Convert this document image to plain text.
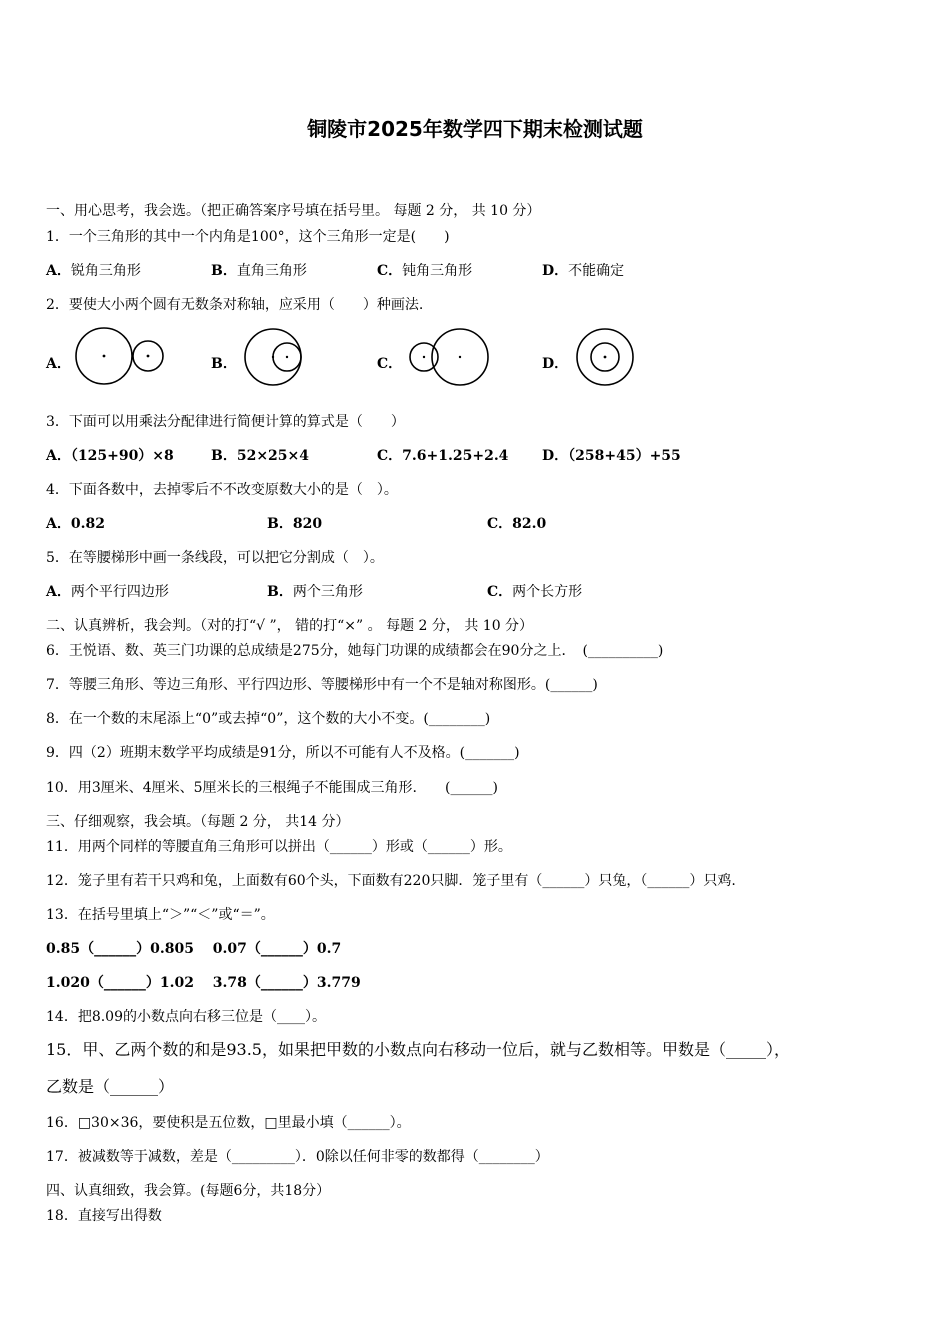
铜陵市2025年数学四下期末检测试题
一、用心思考，我会选。（把正确答案序号填在括号里。 每题 2 分， 共 10 分）
1．一个三角形的其中一个内角是100°，这个三角形一定是(　　)
A．锐角三角形	B．直角三角形	C．钝角三角形	D．不能确定
2．要使大小两个圆有无数条对称轴，应采用（　　）种画法.
A．	B．	C．	D．
3．下面可以用乘法分配律进行简便计算的算式是（　　）
A．（125+90）×8	B．52×25×4	C．7.6+1.25+2.4 D．（258+45）+55
4．下面各数中，去掉零后不不改变原数大小的是（　）。
A．0.82	B．820	C．82.0
5．在等腰梯形中画一条线段，可以把它分割成（　）。
A．两个平行四边形	B．两个三角形	C．两个长方形
二、认真辨析，我会判。（对的打“√ ”， 错的打“×” 。 每题 2 分， 共 10 分）
6．王悦语、数、英三门功课的总成绩是275分，她每门功课的成绩都会在90分之上．　(__________)
7．等腰三角形、等边三角形、平行四边形、等腰梯形中有一个不是轴对称图形。(______)
8．在一个数的末尾添上“0”或去掉“0”，这个数的大小不变。(________)
9．四（2）班期末数学平均成绩是91分，所以不可能有人不及格。(_______)
10．用3厘米、4厘米、5厘米长的三根绳子不能围成三角形.　　(______)
三、仔细观察，我会填。（每题 2 分， 共14 分）
11．用两个同样的等腰直角三角形可以拼出（______）形或（______）形。
12．笼子里有若干只鸡和兔，上面数有60个头，下面数有220只脚．笼子里有（______）只兔，（______）只鸡.
13．在括号里填上“＞”“＜”或“＝”。
0.85（______）0.805　 0.07（______）0.7
1.020（______）1.02　 3.78（______）3.779
14．把8.09的小数点向右移三位是（____）。
15．甲、乙两个数的和是93.5，如果把甲数的小数点向右移动一位后，就与乙数相等。甲数是（_____），
乙数是（______）
16．□30×36，要使积是五位数，□里最小填（______）。
17．被减数等于减数，差是（_________）．0除以任何非零的数都得（________）
四、认真细致，我会算。(每题6分，共18分）
18．直接写出得数
